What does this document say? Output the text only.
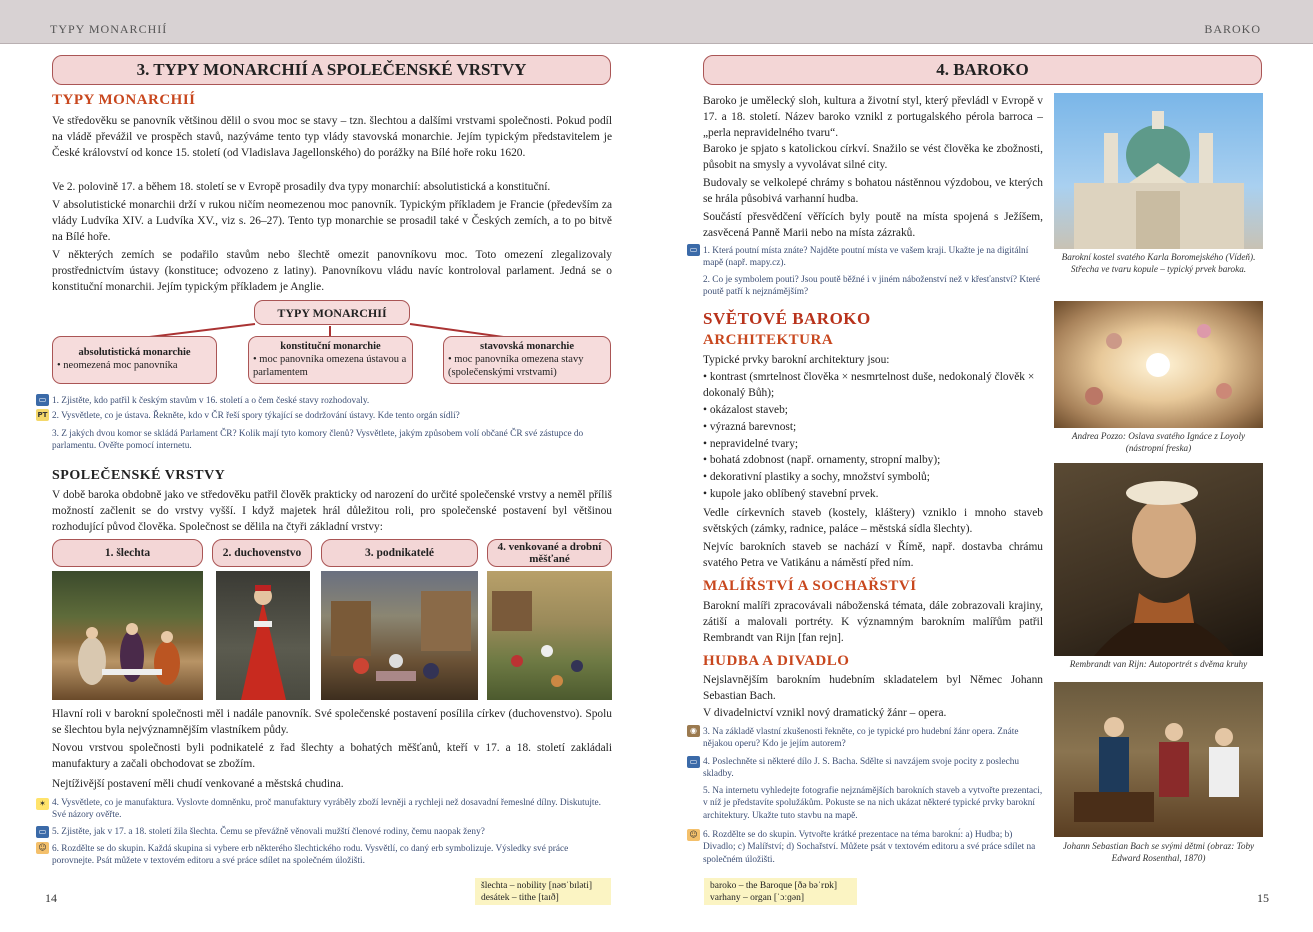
TYPY MONARCHIÍ	BAROKO
3. TYPY MONARCHIÍ A SPOLEČENSKÉ VRSTVY
TYPY MONARCHIÍ
Ve středověku se panovník většinou dělil o svou moc se stavy – tzn. šlechtou a dalšími vrstvami společnosti. Pokud podíl na vládě převážil ve prospěch stavů, nazýváme tento typ vlády stavovská monarchie. Jejím typickým představitelem je České království od konce 15. století (od Vladislava Jagellonského) do porážky na Bílé hoře roku 1620.
Ve 2. polovině 17. a během 18. století se v Evropě prosadily dva typy monarchií: absolutistická a konstituční.
V absolutistické monarchii drží v rukou ničím neomezenou moc panovník. Typickým příkladem je Francie (především za vlády Ludvíka XIV. a Ludvíka XV., viz s. 26–27). Tento typ monarchie se prosadil také v Českých zemích, a to po bitvě na Bílé hoře.
V některých zemích se podařilo stavům nebo šlechtě omezit panovníkovu moc. Toto omezení zlegalizovaly prostřednictvím ústavy (konstituce; odvozeno z latiny). Panovníkovu vládu navíc kontroloval parlament. Jedná se o konstituční monarchii. Jejím typickým příkladem je Anglie.
TYPY MONARCHIÍ
absolutistická monarchie
• neomezená moc panovníka
konstituční monarchie
• moc panovníka omezena ústavou a parlamentem
stavovská monarchie
• moc panovníka omezena stavy (společenskými vrstvami)
▭
PT
1. Zjistěte, kdo patřil k českým stavům v 16. století a o čem české stavy rozhodovaly.
2. Vysvětlete, co je ústava. Řekněte, kdo v ČR řeší spory týkající se dodržování ústavy. Kde tento orgán sídlí?
3. Z jakých dvou komor se skládá Parlament ČR? Kolik mají tyto komory členů? Vysvětlete, jakým způsobem volí občané ČR své zástupce do parlamentu. Ověřte pomocí internetu.
SPOLEČENSKÉ VRSTVY
V době baroka obdobně jako ve středověku patřil člověk prakticky od narození do určité společenské vrstvy a neměl příliš možností začlenit se do vrstvy vyšší. I když majetek hrál důležitou roli, pro společenské postavení byl většinou rozhodující původ člověka. Společnost se dělila na čtyři základní vrstvy:
1. šlechta	2. duchovenstvo	3. podnikatelé	4. venkované a drobní měšťané
Hlavní roli v barokní společnosti měl i nadále panovník. Své společenské postavení posílila církev (duchovenstvo). Spolu se šlechtou byla nejvýznamnějším vlastníkem půdy.
Novou vrstvou společnosti byli podnikatelé z řad šlechty a bohatých měšťanů, kteří v 17. a 18. století zakládali manufaktury a začali obchodovat se zbožím.
Nejtíživější postavení měli chudí venkované a městská chudina.
✶
▭
☺
4. Vysvětlete, co je manufaktura. Vyslovte domněnku, proč manufaktury vyráběly zboží levněji a rychleji než dosavadní řemeslné dílny. Diskutujte. Své názory ověřte.
5. Zjistěte, jak v 17. a 18. století žila šlechta. Čemu se převážně věnovali mužští členové rodiny, čemu naopak ženy?
6. Rozdělte se do skupin. Každá skupina si vybere erb některého šlechtického rodu. Vysvětlí, co daný erb symbolizuje. Výsledky své práce porovnejte. Psát můžete v textovém editoru a své práce sdílet na společném úložišti.
šlechta – nobility [nəʊˈbɪləti]
desátek – tithe [taɪð]
14
4. BAROKO
Baroko je umělecký sloh, kultura a životní styl, který převládl v Evropě v 17. a 18. století. Název baroko vznikl z portugalského pérola barroca – „perla nepravidelného tvaru“.
Baroko je spjato s katolickou církví. Snažilo se vést člověka ke zbožnosti, působit na smysly a vyvolávat silné city.
Budovaly se velkolepé chrámy s bohatou nástěnnou výzdobou, ve kterých se hrála působivá varhanní hudba.
Součástí přesvědčení věřících byly poutě na místa spojená s Ježíšem, zasvěcená Panně Marii nebo na místa zázraků.
▭ 1. Která poutní místa znáte? Najděte poutní místa ve vašem kraji. Ukažte je na digitální mapě (např. mapy.cz).
2. Co je symbolem pouti? Jsou poutě běžné i v jiném náboženství než v křesťanství? Které poutě patří k nejznámějším?
SVĚTOVÉ BAROKO
ARCHITEKTURA
Typické prvky barokní architektury jsou:
• kontrast (smrtelnost člověka × nesmrtelnost duše, nedokonalý člověk × dokonalý Bůh);
• okázalost staveb;
• výrazná barevnost;
• nepravidelné tvary;
• bohatá zdobnost (např. ornamenty, stropní malby);
• dekorativní plastiky a sochy, množství symbolů;
• kupole jako oblíbený stavební prvek.
Vedle církevních staveb (kostely, kláštery) vzniklo i mnoho staveb světských (zámky, radnice, paláce – městská sídla šlechty).
Nejvíc barokních staveb se nachází v Římě, např. dostavba chrámu svatého Petra ve Vatikánu a náměstí před ním.
MALÍŘSTVÍ A SOCHAŘSTVÍ
Barokní malíři zpracovávali náboženská témata, dále zobrazovali krajiny, zátiší a malovali portréty. K významným barokním malířům patřil Rembrandt van Rijn [fan rejn].
HUDBA A DIVADLO
Nejslavnějším barokním hudebním skladatelem byl Němec Johann Sebastian Bach.
V divadelnictví vznikl nový dramatický žánr – opera.
◉
▭
☺
3. Na základě vlastní zkušenosti řekněte, co je typické pro hudební žánr opera. Znáte nějakou operu? Kdo je jejím autorem?
4. Poslechněte si některé dílo J. S. Bacha. Sdělte si navzájem svoje pocity z poslechu skladby.
5. Na internetu vyhledejte fotografie nejznámějších barokních staveb a vytvořte prezentaci, v níž je představíte spolužákům. Pokuste se na nich ukázat některé typické prvky barokní architektury. Ukažte tuto stavbu na mapě.
6. Rozdělte se do skupin. Vytvořte krátké prezentace na téma baroknı́: a) Hudba; b) Divadlo; c) Malířství; d) Sochařství. Můžete psát v textovém editoru a své práce sdílet na společném úložišti.
Barokní kostel svatého Karla Boromejského (Vídeň). Střecha ve tvaru kopule – typický prvek baroka.
Andrea Pozzo: Oslava svatého Ignáce z Loyoly (nástropní freska)
Rembrandt van Rijn: Autoportrét s dvěma kruhy
Johann Sebastian Bach se svými dětmi (obraz: Toby Edward Rosenthal, 1870)
baroko – the Baroque [ðə bəˈrɒk]
varhany – organ [ˈɔːɡən]	15
